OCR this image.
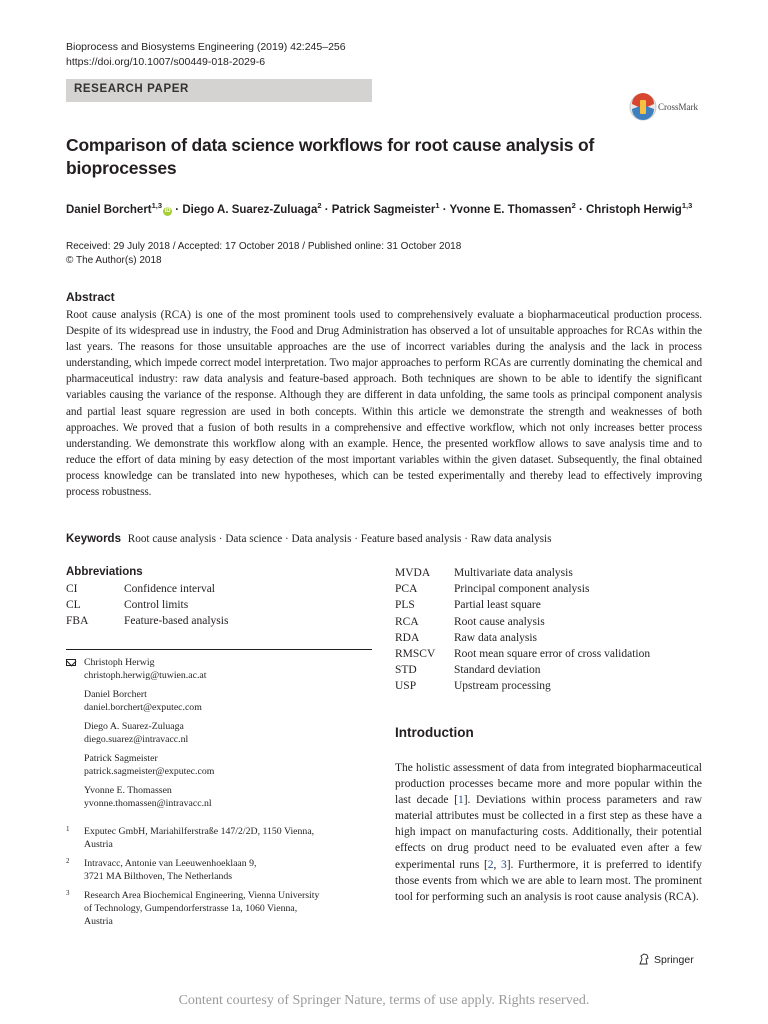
Bioprocess and Biosystems Engineering (2019) 42:245–256
https://doi.org/10.1007/s00449-018-2029-6
RESEARCH PAPER
CrossMark
Comparison of data science workflows for root cause analysis of bioprocesses
Daniel Borchert$^{1,3}$iD · Diego A. Suarez-Zuluaga$^2$ · Patrick Sagmeister$^1$ · Yvonne E. Thomassen$^2$ · Christoph Herwig$^{1,3}$
Received: 29 July 2018 / Accepted: 17 October 2018 / Published online: 31 October 2018
© The Author(s) 2018
Abstract
Root cause analysis (RCA) is one of the most prominent tools used to comprehensively evaluate a biopharmaceutical production process. Despite of its widespread use in industry, the Food and Drug Administration has observed a lot of unsuitable approaches for RCAs within the last years. The reasons for those unsuitable approaches are the use of incorrect variables during the analysis and the lack in process understanding, which impede correct model interpretation. Two major approaches to perform RCAs are currently dominating the chemical and pharmaceutical industry: raw data analysis and feature-based approach. Both techniques are shown to be able to identify the significant variables causing the variance of the response. Although they are different in data unfolding, the same tools as principal component analysis and partial least square regression are used in both concepts. Within this article we demonstrate the strength and weaknesses of both approaches. We proved that a fusion of both results in a comprehensive and effective workflow, which not only increases better process understanding. We demonstrate this workflow along with an example. Hence, the presented workflow allows to save analysis time and to reduce the effort of data mining by easy detection of the most important variables within the given dataset. Subsequently, the final obtained process knowledge can be translated into new hypotheses, which can be tested experimentally and thereby lead to effectively improving process robustness.
Keywords Root cause analysis · Data science · Data analysis · Feature based analysis · Raw data analysis
Abbreviations
CI	Confidence interval
CL	Control limits
FBA	Feature-based analysis
MVDA Multivariate data analysis
PCA	Principal component analysis
PLS	Partial least square
RCA	Root cause analysis
RDA	Raw data analysis
RMSCV Root mean square error of cross validation
STD	Standard deviation
USP	Upstream processing
Christoph Herwig
christoph.herwig@tuwien.ac.at
Daniel Borchert
daniel.borchert@exputec.com
Diego A. Suarez-Zuluaga
diego.suarez@intravacc.nl
Patrick Sagmeister
patrick.sagmeister@exputec.com
Yvonne E. Thomassen
yvonne.thomassen@intravacc.nl
1 Exputec GmbH, Mariahilferstraße 147/2/2D, 1150 Vienna,
Austria
2 Intravacc, Antonie van Leeuwenhoeklaan 9,
3721 MA Bilthoven, The Netherlands
3 Research Area Biochemical Engineering, Vienna University
of Technology, Gumpendorferstrasse 1a, 1060 Vienna,
Austria
Introduction
The holistic assessment of data from integrated biopharmaceutical production processes became more and more popular within the last decade [1]. Deviations within process parameters and raw material attributes must be collected in a first step as these have a high impact on manufacturing costs. Additionally, their potential effects on drug product need to be evaluated even after a few experimental runs [2, 3]. Furthermore, it is preferred to identify those events from which we are able to learn most. The prominent tool for performing such an analysis is root cause analysis (RCA).
Springer
Content courtesy of Springer Nature, terms of use apply. Rights reserved.
